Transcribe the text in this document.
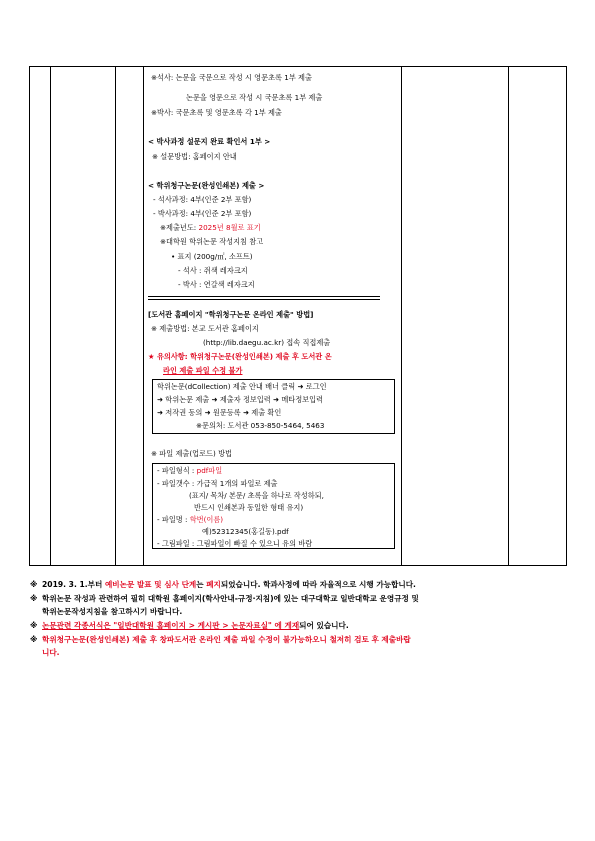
※석사: 논문을 국문으로 작성 시 영문초록 1부 제출
논문을 영문으로 작성 시 국문초록 1부 제출
※박사: 국문초록 및 영문초록 각 1부 제출
< 박사과정 설문지 완료 확인서 1부 >
※ 설문방법: 홈페이지 안내
< 학위청구논문(완성인쇄본) 제출 >
- 석사과정: 4부(인준 2부 포함)
- 박사과정: 4부(인준 2부 포함)
※제출년도: 2025년 8월로 표기
※대학원 학위논문 작성지침 참고
• 표지 (200g/㎡, 소프트)
- 석사 : 쥐색 레자크지
- 박사 : 연갈색 레자크지
[도서관 홈페이지 "학위청구논문 온라인 제출" 방법]
※ 제출방법: 본교 도서관 홈페이지
(http://lib.daegu.ac.kr) 접속 직접제출
★ 유의사항: 학위청구논문(완성인쇄본) 제출 후 도서관 온
라인 제출 파일 수정 불가
학위논문(dCollection) 제출 안내 배너 클릭 ➜ 로그인
➜ 학위논문 제출 ➜ 제출자 정보입력 ➜ 메타정보입력
➜ 저작권 동의 ➜ 원문등록 ➜ 제출 확인
※문의처: 도서관 053-850-5464, 5463
※ 파일 제출(업로드) 방법
- 파일형식 : pdf파일
- 파일갯수 : 가급적 1개의 파일로 제출
(표지/ 목차/ 본문/ 초록을 하나로 작성하되,
반드시 인쇄본과 동일한 형태 유지)
- 파일명 : 학번(이름)
예)52312345(홍길동).pdf
- 그림파일 : 그림파일이 빠질 수 있으니 유의 바람
※ 2019. 3. 1.부터 예비논문 발표 및 심사 단계는 폐지되었습니다. 학과사정에 따라 자율적으로 시행 가능합니다.
※ 학위논문 작성과 관련하여 필히 대학원 홈페이지(학사안내-규정·지침)에 있는 대구대학교 일반대학교 운영규정 및
학위논문작성지침을 참고하시기 바랍니다.
※ 논문관련 각종서식은 "일반대학원 홈페이지 > 게시판 > 논문자료실" 에 게재되어 있습니다.
※ 학위청구논문(완성인쇄본) 제출 후 창파도서관 온라인 제출 파일 수정이 불가능하오니 철저히 검토 후 제출바랍
니다.
